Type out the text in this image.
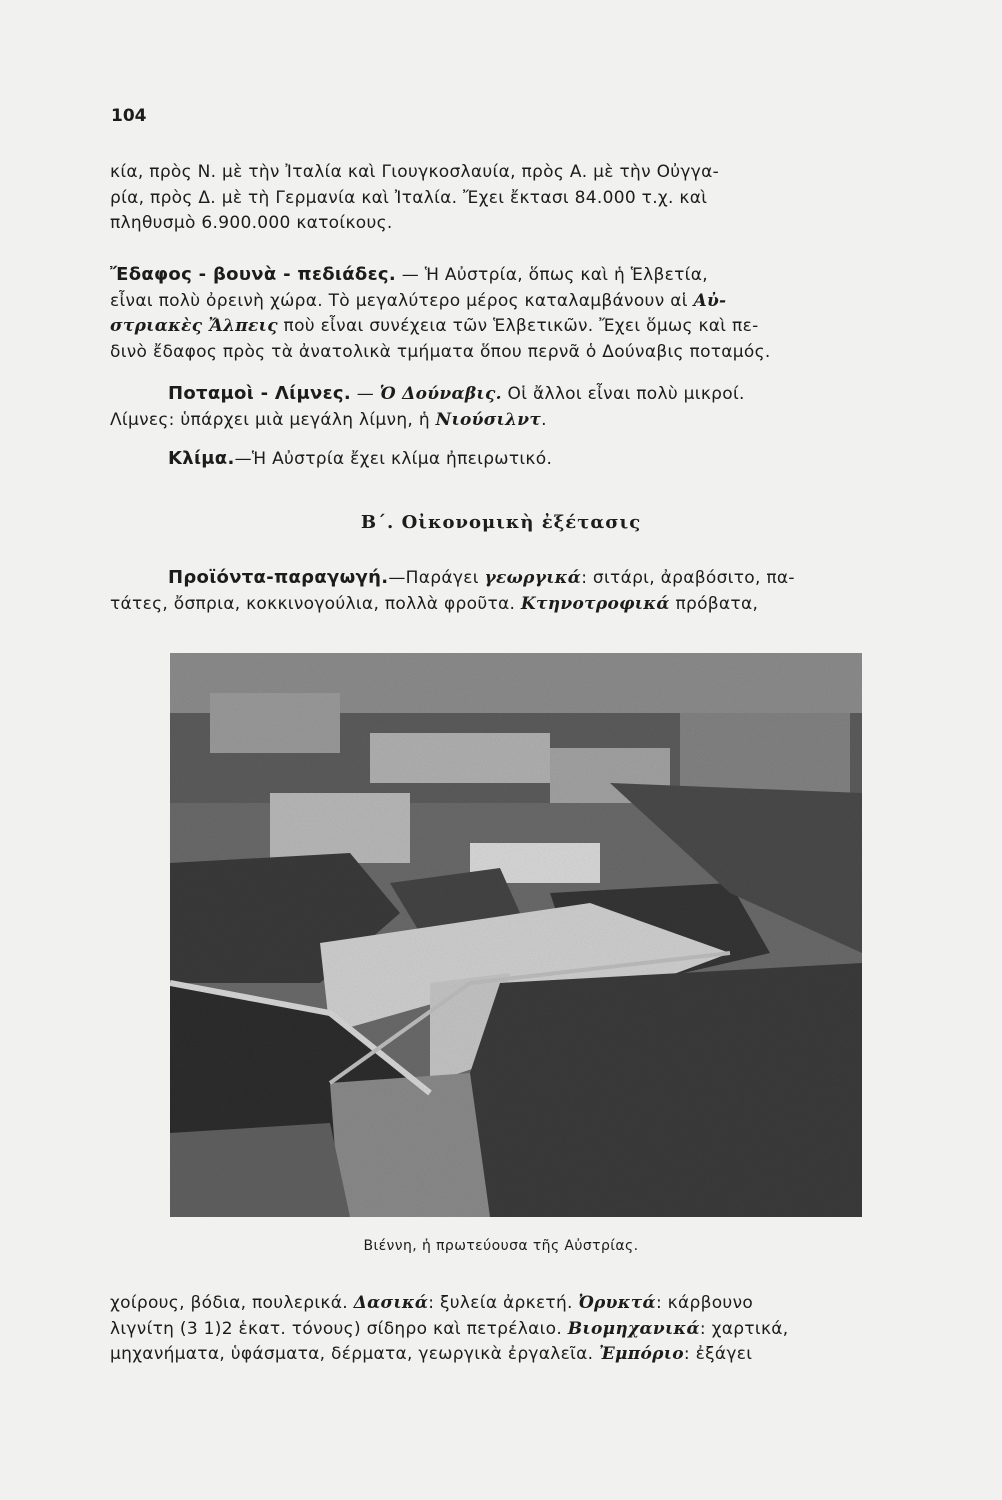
104
κία, πρὸς Ν. μὲ τὴν Ἰταλία καὶ Γιουγκοσλαυία, πρὸς Α. μὲ τὴν Οὐγγα-
ρία, πρὸς Δ. μὲ τὴ Γερμανία καὶ Ἰταλία. Ἔχει ἔκτασι 84.000 τ.χ. καὶ
πληθυσμὸ 6.900.000 κατοίκους.
Ἔδαφος - βουνὰ - πεδιάδες. — Ἡ Αὐστρία, ὅπως καὶ ἡ Ἑλβετία,
εἶναι πολὺ ὀρεινὴ χώρα. Τὸ μεγαλύτερο μέρος καταλαμβάνουν αἱ Αὐ-
στριακὲς Ἄλπεις ποὺ εἶναι συνέχεια τῶν Ἑλβετικῶν. Ἔχει ὅμως καὶ πε-
δινὸ ἔδαφος πρὸς τὰ ἀνατολικὰ τμήματα ὅπου περνᾶ ὁ Δούναβις ποταμός.
Ποταμοὶ - Λίμνες. — Ὁ Δούναβις. Οἱ ἄλλοι εἶναι πολὺ μικροί.
Λίμνες: ὑπάρχει μιὰ μεγάλη λίμνη, ἡ Νιούσιλντ.
Κλίμα.—Ἡ Αὐστρία ἔχει κλίμα ἠπειρωτικό.
Β΄. Οἰκονομικὴ ἐξέτασις
Προϊόντα-παραγωγή.—Παράγει γεωργικά: σιτάρι, ἀραβόσιτο, πα-
τάτες, ὄσπρια, κοκκινογούλια, πολλὰ φροῦτα. Κτηνοτροφικά πρόβατα,
Βιέννη, ἡ πρωτεύουσα τῆς Αὐστρίας.
χοίρους, βόδια, πουλερικά. Δασικά: ξυλεία ἀρκετή. Ὀρυκτά: κάρβουνο
λιγνίτη (3 1)2 ἑκατ. τόνους) σίδηρο καὶ πετρέλαιο. Βιομηχανικά: χαρτικά,
μηχανήματα, ὑφάσματα, δέρματα, γεωργικὰ ἐργαλεῖα. Ἐμπόριο: ἐξάγει
